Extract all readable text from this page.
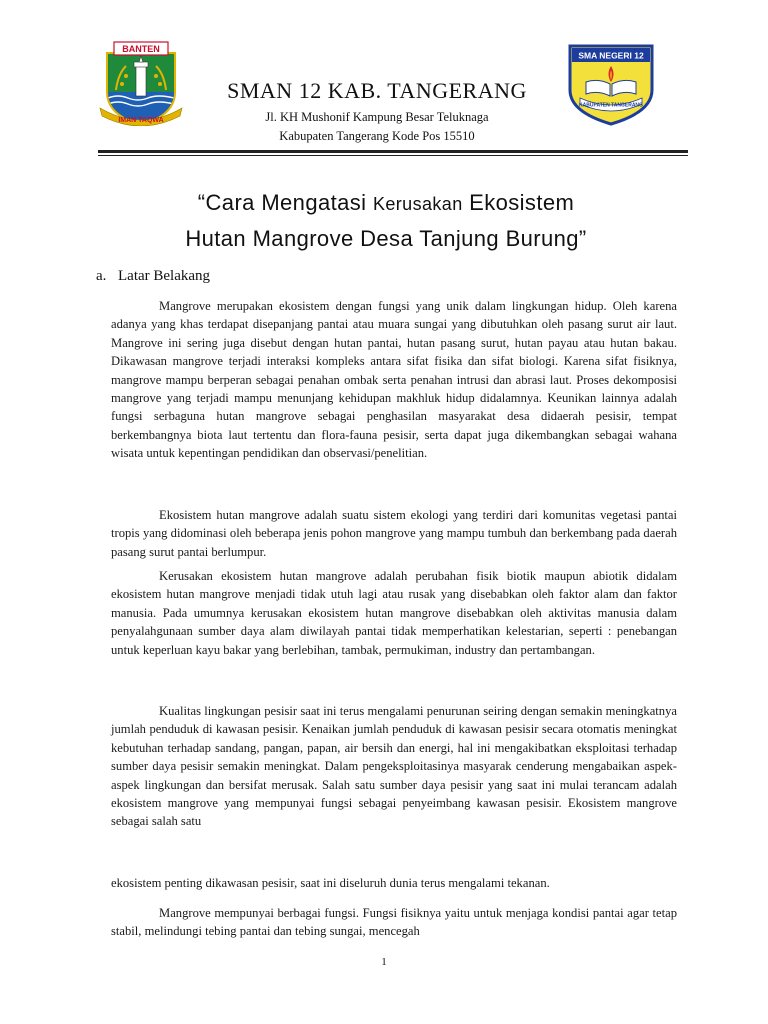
BANTEN
IMAN TAQWA
SMAN 12 KAB. TANGERANG
Jl. KH Mushonif Kampung Besar Teluknaga
Kabupaten Tangerang Kode Pos 15510
SMA NEGERI 12
KABUPATEN TANGERANG
“Cara Mengatasi Kerusakan Ekosistem
Hutan Mangrove Desa Tanjung Burung”
a. Latar Belakang

Mangrove merupakan ekosistem dengan fungsi yang unik dalam lingkungan hidup. Oleh karena adanya yang khas terdapat disepanjang pantai atau muara sungai yang dibutuhkan oleh pasang surut air laut. Mangrove ini sering juga disebut dengan hutan pantai, hutan pasang surut, hutan payau atau hutan bakau. Dikawasan mangrove terjadi interaksi kompleks antara sifat fisika dan sifat biologi. Karena sifat fisiknya, mangrove mampu berperan sebagai penahan ombak serta penahan intrusi dan abrasi laut. Proses dekomposisi mangrove yang terjadi mampu menunjang kehidupan makhluk hidup didalamnya. Keunikan lainnya adalah fungsi serbaguna hutan mangrove sebagai penghasilan masyarakat desa didaerah pesisir, tempat berkembangnya biota laut tertentu dan flora-fauna pesisir, serta dapat juga dikembangkan sebagai wahana wisata untuk kepentingan pendidikan dan observasi/penelitian.

Ekosistem hutan mangrove adalah suatu sistem ekologi yang terdiri dari komunitas vegetasi pantai tropis yang didominasi oleh beberapa jenis pohon mangrove yang mampu tumbuh dan berkembang pada daerah pasang surut pantai berlumpur.

Kerusakan ekosistem hutan mangrove adalah perubahan fisik biotik maupun abiotik didalam ekosistem hutan mangrove menjadi tidak utuh lagi atau rusak yang disebabkan oleh faktor alam dan faktor manusia. Pada umumnya kerusakan ekosistem hutan mangrove disebabkan oleh aktivitas manusia dalam penyalahgunaan sumber daya alam diwilayah pantai tidak memperhatikan kelestarian, seperti : penebangan untuk keperluan kayu bakar yang berlebihan, tambak, permukiman, industry dan pertambangan.

Kualitas lingkungan pesisir saat ini terus mengalami penurunan seiring dengan semakin meningkatnya jumlah penduduk di kawasan pesisir. Kenaikan jumlah penduduk di kawasan pesisir secara otomatis meningkat kebutuhan terhadap sandang, pangan, papan, air bersih dan energi, hal ini mengakibatkan eksploitasi terhadap sumber daya pesisir semakin meningkat. Dalam pengeksploitasinya masyarak cenderung mengabaikan aspek-aspek lingkungan dan bersifat merusak. Salah satu sumber daya pesisir yang saat ini mulai terancam adalah ekosistem mangrove yang mempunyai fungsi sebagai penyeimbang kawasan pesisir. Ekosistem mangrove sebagai salah satu

ekosistem penting dikawasan pesisir, saat ini diseluruh dunia terus mengalami tekanan.

Mangrove mempunyai berbagai fungsi. Fungsi fisiknya yaitu untuk menjaga kondisi pantai agar tetap stabil, melindungi tebing pantai dan tebing sungai, mencegah

1
